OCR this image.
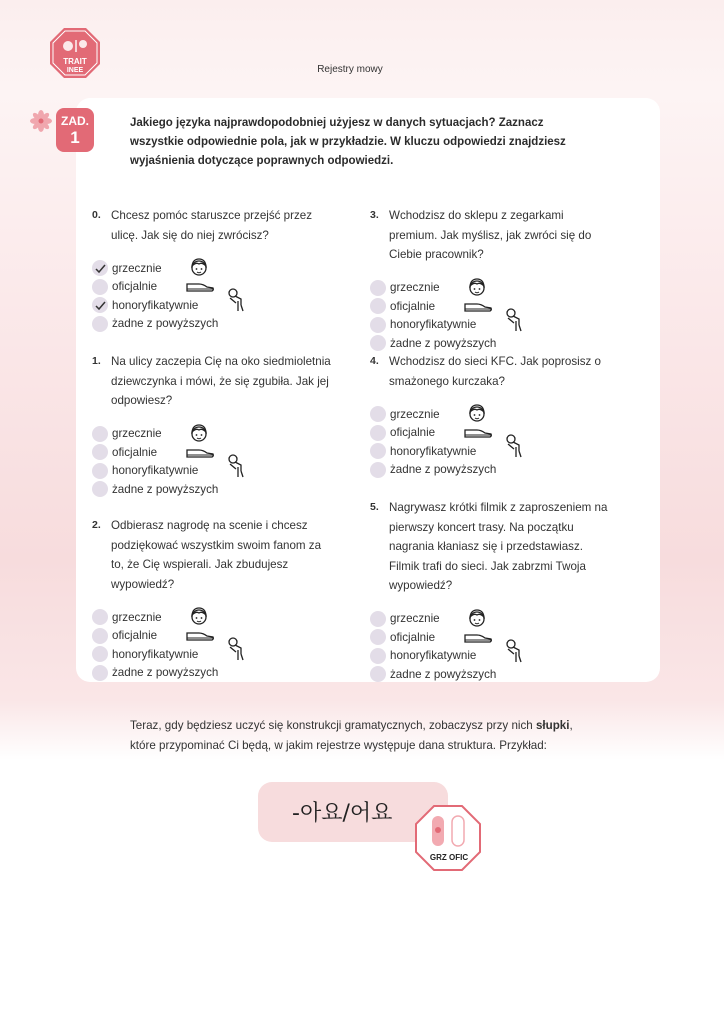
TRAIT
INEE	Rejestry mowy
ZAD.
1
Jakiego języka najprawdopodobniej użyjesz w danych sytuacjach? Zaznacz wszystkie odpowiednie pola, jak w przykładzie. W kluczu odpowiedzi znajdziesz wyjaśnienia dotyczące poprawnych odpowiedzi.
0. Chcesz pomóc staruszce przejść przez ulicę. Jak się do niej zwrócisz?
grzecznie
oficjalnie
honoryfikatywnie
żadne z powyższych
1. Na ulicy zaczepia Cię na oko siedmioletnia dziewczynka i mówi, że się zgubiła. Jak jej odpowiesz?
grzecznie
oficjalnie
honoryfikatywnie
żadne z powyższych
2. Odbierasz nagrodę na scenie i chcesz podziękować wszystkim swoim fanom za to, że Cię wspierali. Jak zbudujesz wypowiedź?
grzecznie
oficjalnie
honoryfikatywnie
żadne z powyższych
3. Wchodzisz do sklepu z zegarkami premium. Jak myślisz, jak zwróci się do Ciebie pracownik?
grzecznie
oficjalnie
honoryfikatywnie
żadne z powyższych
4. Wchodzisz do sieci KFC. Jak poprosisz o smażonego kurczaka?
grzecznie
oficjalnie
honoryfikatywnie
żadne z powyższych
5. Nagrywasz krótki filmik z zaproszeniem na pierwszy koncert trasy. Na początku nagrania kłaniasz się i przedstawiasz. Filmik trafi do sieci. Jak zabrzmi Twoja wypowiedź?
grzecznie
oficjalnie
honoryfikatywnie
żadne z powyższych
Teraz, gdy będziesz uczyć się konstrukcji gramatycznych, zobaczysz przy nich słupki, które przypominać Ci będą, w jakim rejestrze występuje dana struktura. Przykład:
-아요/어요
GRZ OFIC
